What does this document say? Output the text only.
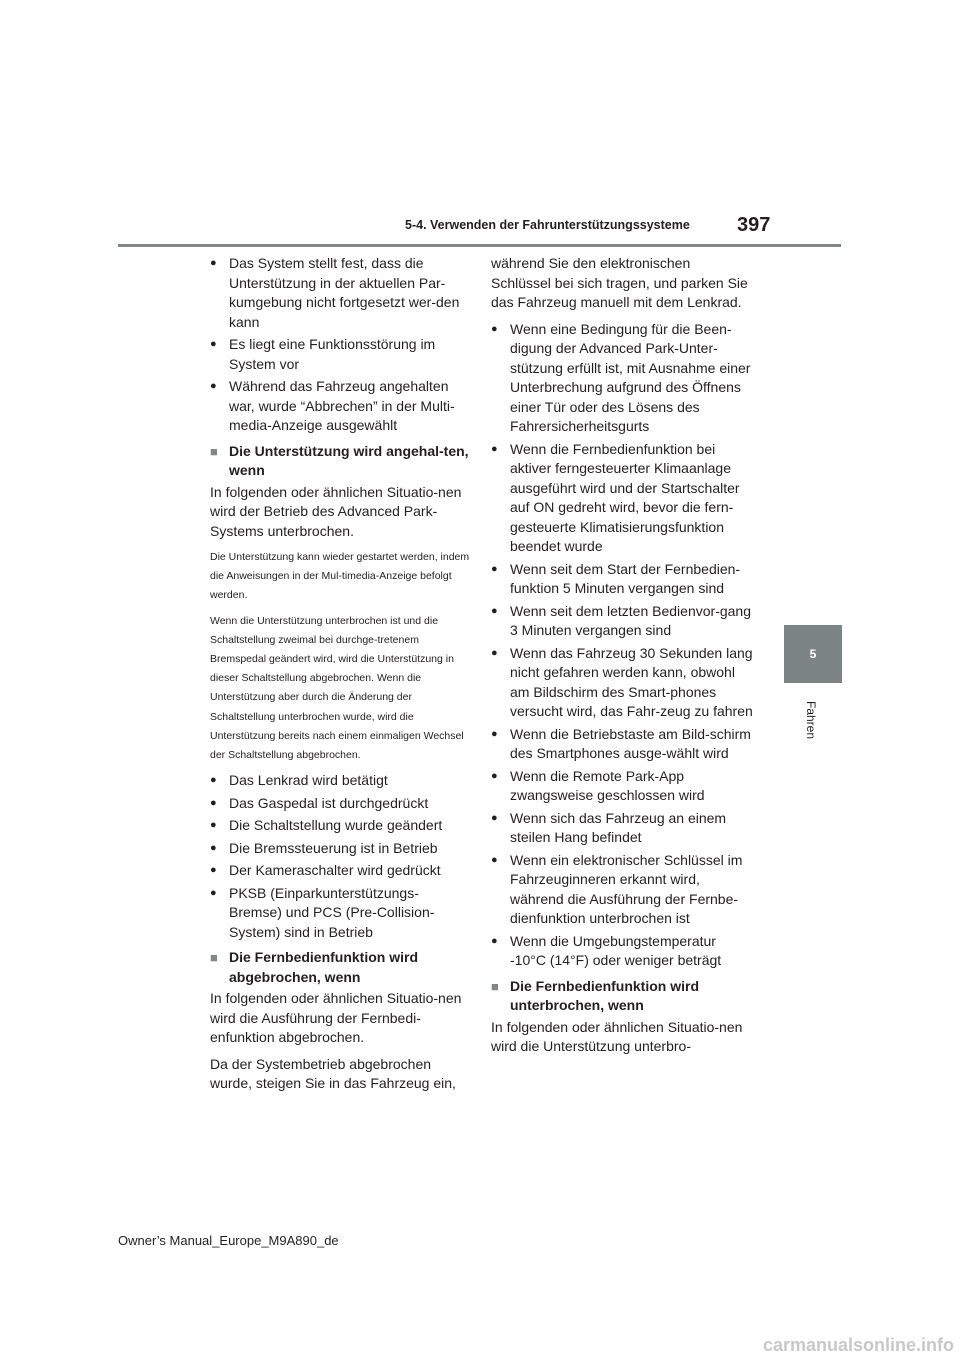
5-4. Verwenden der Fahrunterstützungssysteme 397
5
Fahren
● Das System stellt fest, dass die Unterstützung in der aktuellen Par-kumgebung nicht fortgesetzt wer-den kann
● Es liegt eine Funktionsstörung im System vor
● Während das Fahrzeug angehalten war, wurde “Abbrechen” in der Multi-media-Anzeige ausgewählt
■ Die Unterstützung wird angehal-ten, wenn

In folgenden oder ähnlichen Situatio-nen wird der Betrieb des Advanced Park-Systems unterbrochen.

Die Unterstützung kann wieder gestartet werden, indem die Anweisungen in der Mul-timedia-Anzeige befolgt werden.

Wenn die Unterstützung unterbrochen ist und die Schaltstellung zweimal bei durchge-tretenem Bremspedal geändert wird, wird die Unterstützung in dieser Schaltstellung abgebrochen. Wenn die Unterstützung aber durch die Änderung der Schaltstellung unterbrochen wurde, wird die Unterstützung bereits nach einem einmaligen Wechsel der Schaltstellung abgebrochen.

● Das Lenkrad wird betätigt
● Das Gaspedal ist durchgedrückt
● Die Schaltstellung wurde geändert
● Die Bremssteuerung ist in Betrieb
● Der Kameraschalter wird gedrückt
● PKSB (Einparkunterstützungs-Bremse) und PCS (Pre-Collision-System) sind in Betrieb
■ Die Fernbedienfunktion wird abgebrochen, wenn

In folgenden oder ähnlichen Situatio-nen wird die Ausführung der Fernbedi-enfunktion abgebrochen.

Da der Systembetrieb abgebrochen wurde, steigen Sie in das Fahrzeug ein,

während Sie den elektronischen Schlüssel bei sich tragen, und parken Sie das Fahrzeug manuell mit dem Lenkrad.

● Wenn eine Bedingung für die Been-digung der Advanced Park-Unter-stützung erfüllt ist, mit Ausnahme einer Unterbrechung aufgrund des Öffnens einer Tür oder des Lösens des Fahrersicherheitsgurts
● Wenn die Fernbedienfunktion bei aktiver ferngesteuerter Klimaanlage ausgeführt wird und der Startschalter auf ON gedreht wird, bevor die fern-gesteuerte Klimatisierungsfunktion beendet wurde
● Wenn seit dem Start der Fernbedien-funktion 5 Minuten vergangen sind
● Wenn seit dem letzten Bedienvor-gang 3 Minuten vergangen sind
● Wenn das Fahrzeug 30 Sekunden lang nicht gefahren werden kann, obwohl am Bildschirm des Smart-phones versucht wird, das Fahr-zeug zu fahren
● Wenn die Betriebstaste am Bild-schirm des Smartphones ausge-wählt wird
● Wenn die Remote Park-App zwangsweise geschlossen wird
● Wenn sich das Fahrzeug an einem steilen Hang befindet
● Wenn ein elektronischer Schlüssel im Fahrzeuginneren erkannt wird, während die Ausführung der Fernbe-dienfunktion unterbrochen ist
● Wenn die Umgebungstemperatur -10°C (14°F) oder weniger beträgt
■ Die Fernbedienfunktion wird unterbrochen, wenn

In folgenden oder ähnlichen Situatio-nen wird die Unterstützung unterbro-

Owner’s Manual_Europe_M9A890_de
carmanualsonline.info
